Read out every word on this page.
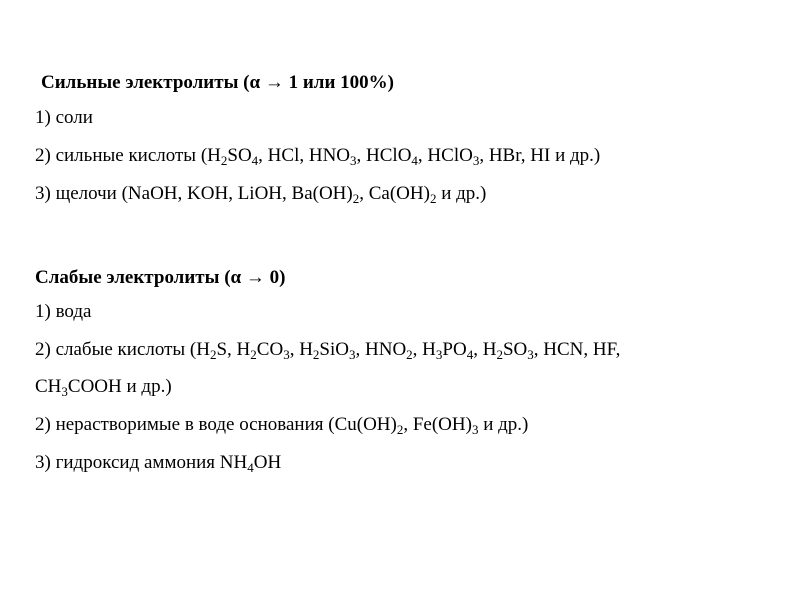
Сильные электролиты (α → 1 или 100%)
1) соли
2) сильные кислоты ($H_2SO_4$, HCl, $HNO_3$, HClO$_4$, HClO$_3$, HBr, HI и др.)
3) щелочи (NaOH, KOH, LiOH, $Ba(OH)_2$, $Ca(OH)_2$ и др.)
Слабые электролиты (α → 0)
1) вода
2) слабые кислоты ($H_2S$, $H_2CO_3$, $H_2SiO_3$, $HNO_2$, $H_3PO_4$, $H_2SO_3$, HCN, HF,
$CH_3COOH$ и др.)
2) нерастворимые в воде основания ($Cu(OH)_2$, $Fe(OH)_3$ и др.)
3) гидроксид аммония $NH_4OH$
